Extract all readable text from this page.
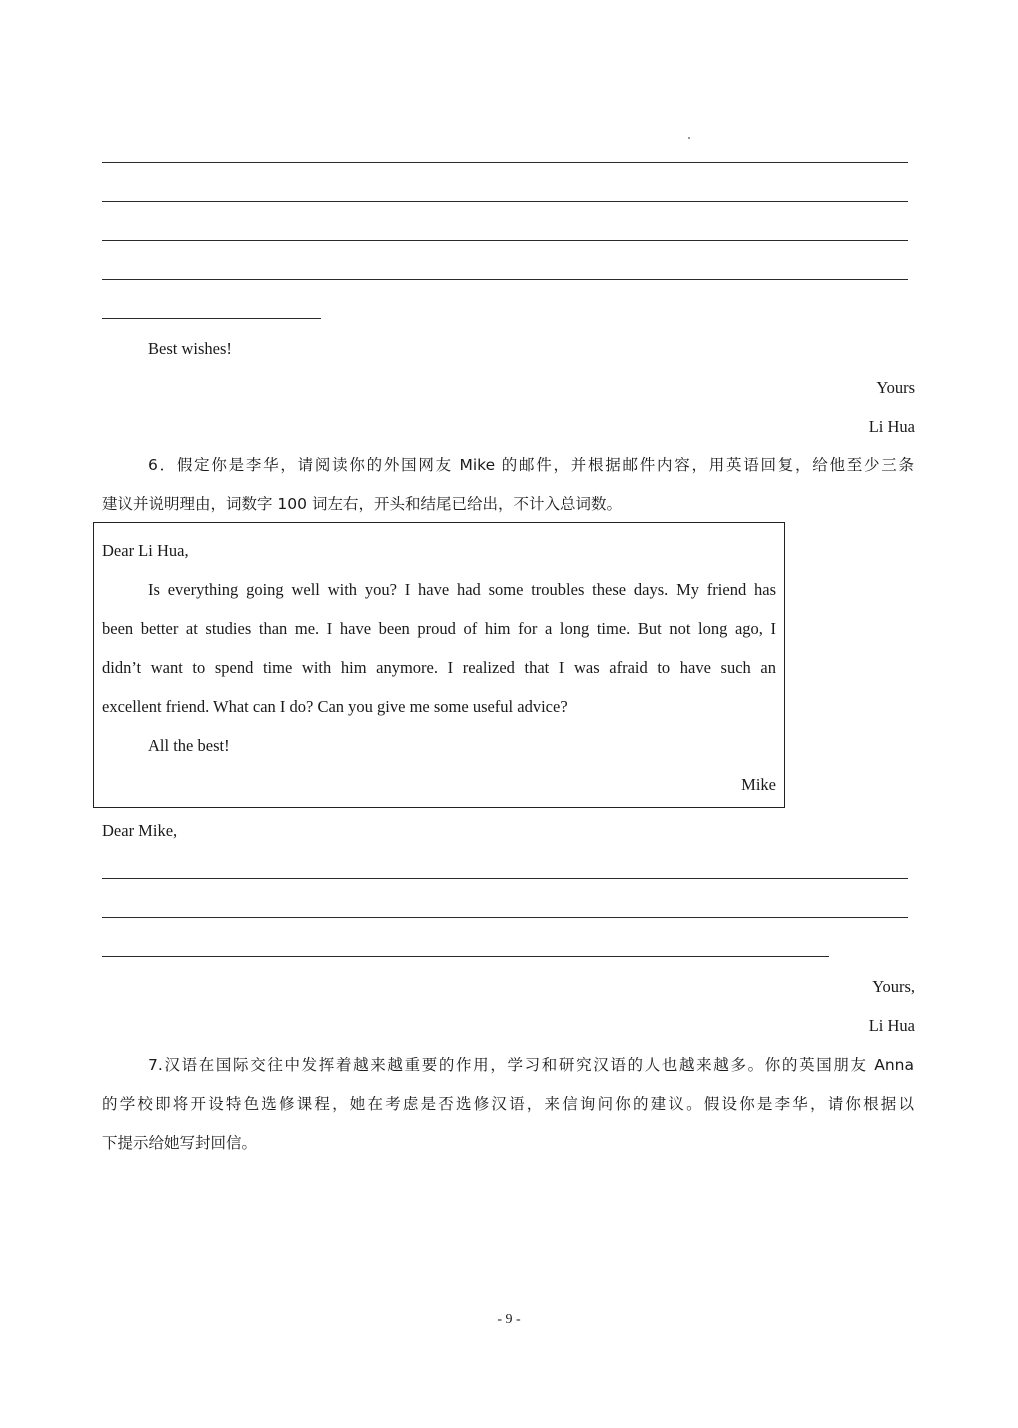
Best wishes!
Yours
Li Hua
6．假定你是李华，请阅读你的外国网友 Mike 的邮件，并根据邮件内容，用英语回复，给他至少三条
建议并说明理由，词数字 100 词左右，开头和结尾已给出，不计入总词数。
Dear Li Hua,
Is everything going well with you? I have had some troubles these days. My friend has
been better at studies than me. I have been proud of him for a long time. But not long ago, I
didn’t want to spend time with him anymore. I realized that I was afraid to have such an
excellent friend. What can I do? Can you give me some useful advice?
All the best!
Mike
Dear Mike,
Yours,
Li Hua
7.汉语在国际交往中发挥着越来越重要的作用，学习和研究汉语的人也越来越多。你的英国朋友 Anna
的学校即将开设特色选修课程，她在考虑是否选修汉语，来信询问你的建议。假设你是李华，请你根据以
下提示给她写封回信。
- 9 -
